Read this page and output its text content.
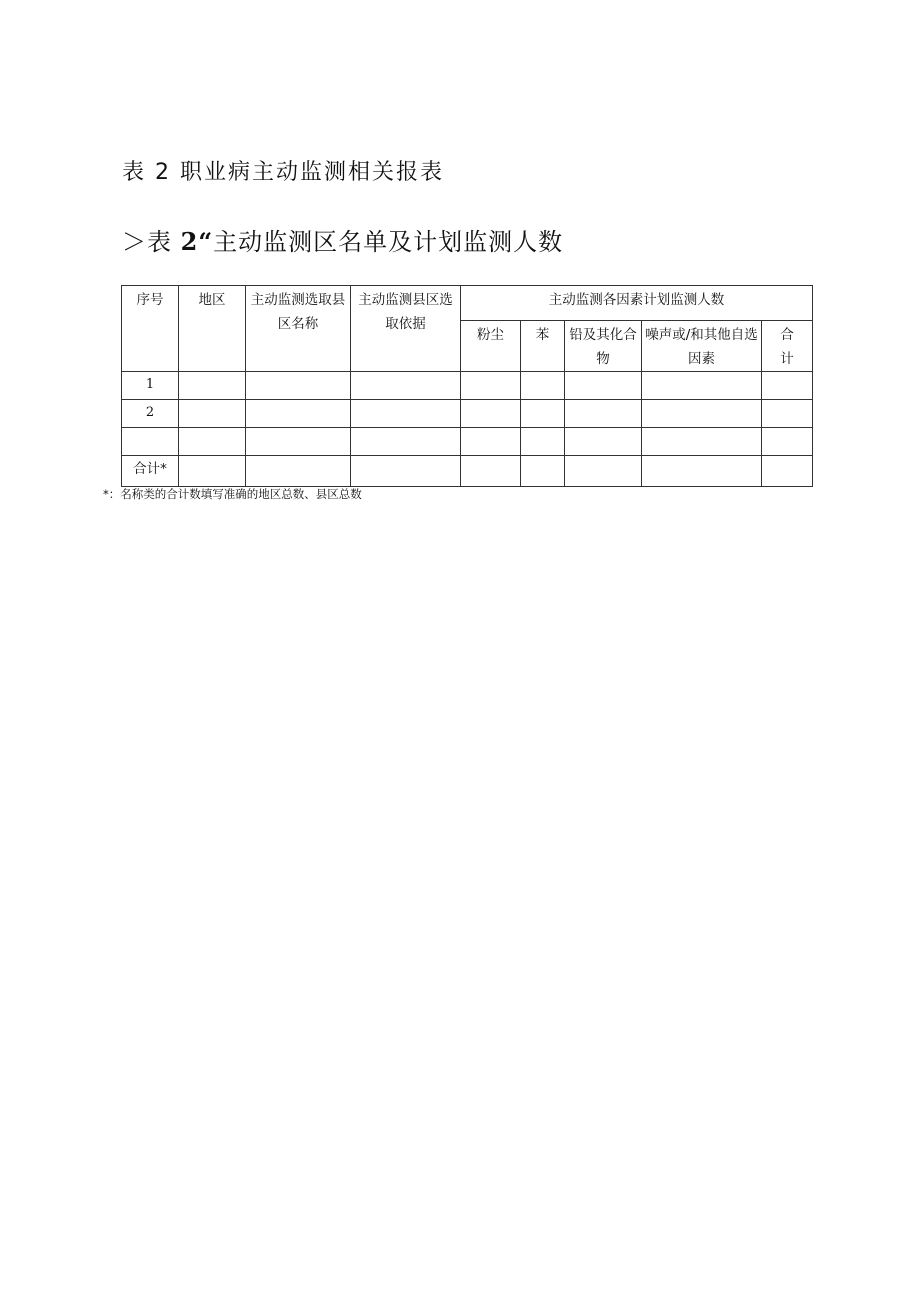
表 2 职业病主动监测相关报表
＞表 2“主动监测区名单及计划监测人数
序号	地区	主动监测选取县区名称	主动监测县区选取依据	主动监测各因素计划监测人数				
				粉尘	苯	铅及其化合物	噪声或/和其他自选因素	合计
1								
2								

合计*								
*：名称类的合计数填写准确的地区总数、县区总数
